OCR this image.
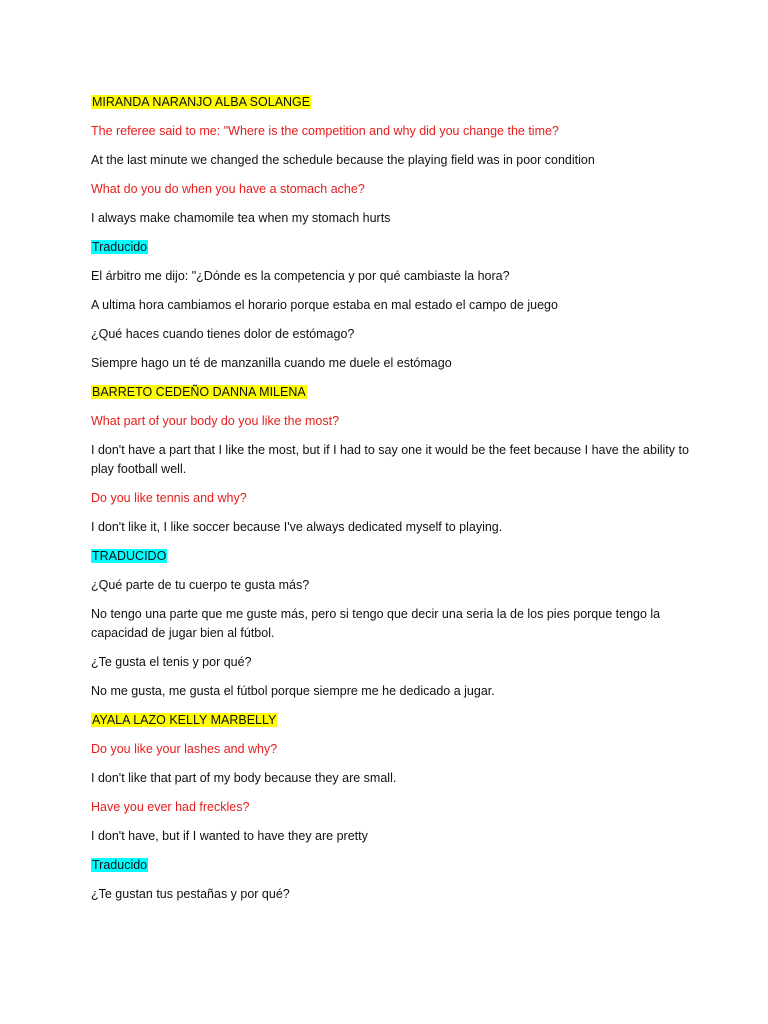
MIRANDA NARANJO ALBA SOLANGE

The referee said to me: "Where is the competition and why did you change the time?

At the last minute we changed the schedule because the playing field was in poor condition

What do you do when you have a stomach ache?

I always make chamomile tea when my stomach hurts

Traducido

El árbitro me dijo: "¿Dónde es la competencia y por qué cambiaste la hora?

A ultima hora cambiamos el horario porque estaba en mal estado el campo de juego

¿Qué haces cuando tienes dolor de estómago?

Siempre hago un té de manzanilla cuando me duele el estómago

BARRETO CEDEÑO DANNA MILENA

What part of your body do you like the most?

I don't have a part that I like the most, but if I had to say one it would be the feet because I have the ability to play football well.

Do you like tennis and why?

I don't like it, I like soccer because I've always dedicated myself to playing.

TRADUCIDO

¿Qué parte de tu cuerpo te gusta más?

No tengo una parte que me guste más, pero si tengo que decir una seria la de los pies porque tengo la capacidad de jugar bien al fútbol.

¿Te gusta el tenis y por qué?

No me gusta, me gusta el fútbol porque siempre me he dedicado a jugar.

AYALA LAZO KELLY MARBELLY

Do you like your lashes and why?

I don't like that part of my body because they are small.

Have you ever had freckles?

I don't have, but if I wanted to have they are pretty

Traducido

¿Te gustan tus pestañas y por qué?
